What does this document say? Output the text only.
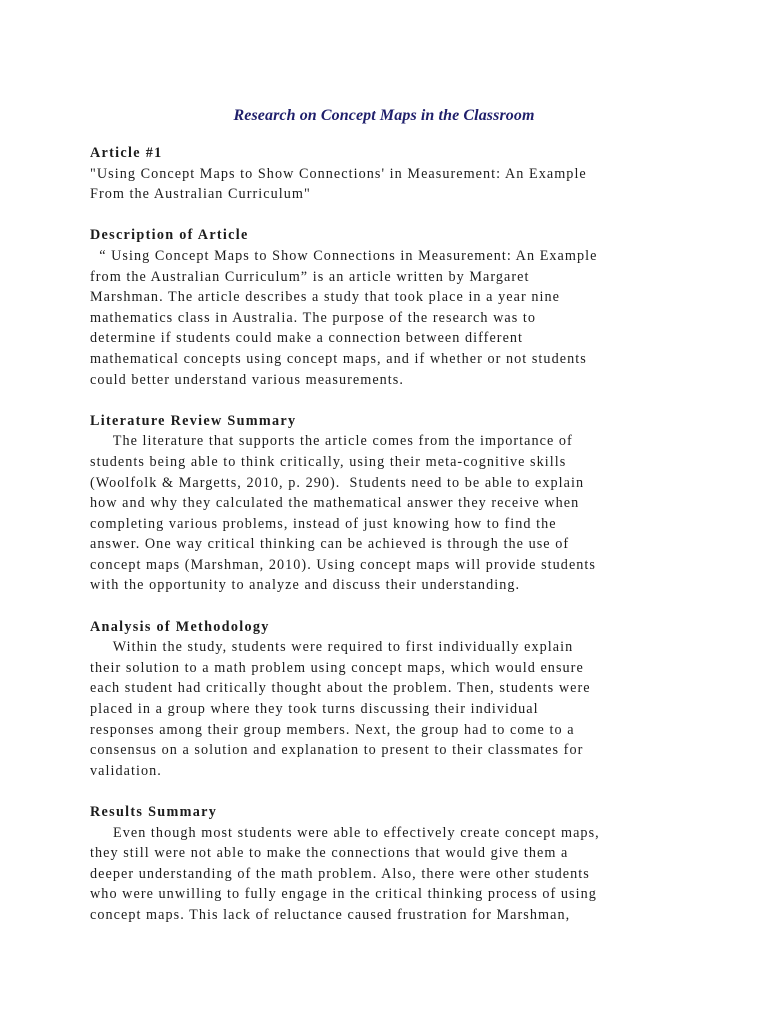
Research on Concept Maps in the Classroom
Article #1
"Using Concept Maps to Show Connections' in Measurement: An Example
From the Australian Curriculum"
Description of Article
“ Using Concept Maps to Show Connections in Measurement: An Example
from the Australian Curriculum” is an article written by Margaret
Marshman. The article describes a study that took place in a year nine
mathematics class in Australia. The purpose of the research was to
determine if students could make a connection between different
mathematical concepts using concept maps, and if whether or not students
could better understand various measurements.
Literature Review Summary
The literature that supports the article comes from the importance of
students being able to think critically, using their meta-cognitive skills
(Woolfolk & Margetts, 2010, p. 290).  Students need to be able to explain
how and why they calculated the mathematical answer they receive when
completing various problems, instead of just knowing how to find the
answer. One way critical thinking can be achieved is through the use of
concept maps (Marshman, 2010). Using concept maps will provide students
with the opportunity to analyze and discuss their understanding.
Analysis of Methodology
Within the study, students were required to first individually explain
their solution to a math problem using concept maps, which would ensure
each student had critically thought about the problem. Then, students were
placed in a group where they took turns discussing their individual
responses among their group members. Next, the group had to come to a
consensus on a solution and explanation to present to their classmates for
validation.
Results Summary
Even though most students were able to effectively create concept maps,
they still were not able to make the connections that would give them a
deeper understanding of the math problem. Also, there were other students
who were unwilling to fully engage in the critical thinking process of using
concept maps. This lack of reluctance caused frustration for Marshman,
